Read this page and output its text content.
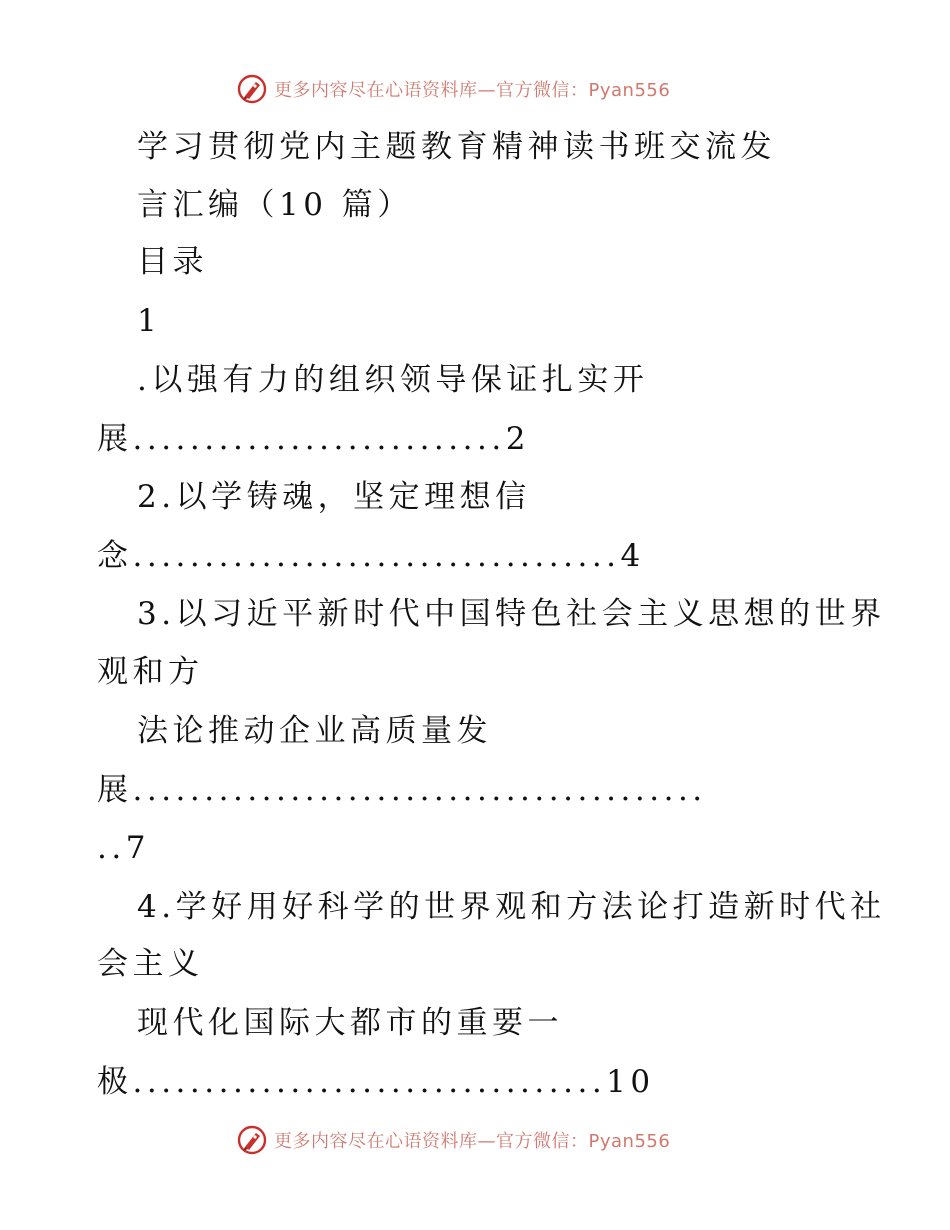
更多内容尽在心语资料库—官方微信：Pyan556
学习贯彻党内主题教育精神读书班交流发
言汇编（10 篇）
目录
1
.以强有力的组织领导保证扎实开
展..........................2
2.以学铸魂，坚定理想信
念..................................4
3.以习近平新时代中国特色社会主义思想的世界
观和方
法论推动企业高质量发
展........................................
..7
4.学好用好科学的世界观和方法论打造新时代社
会主义
现代化国际大都市的重要一
极.................................10
更多内容尽在心语资料库—官方微信：Pyan556
